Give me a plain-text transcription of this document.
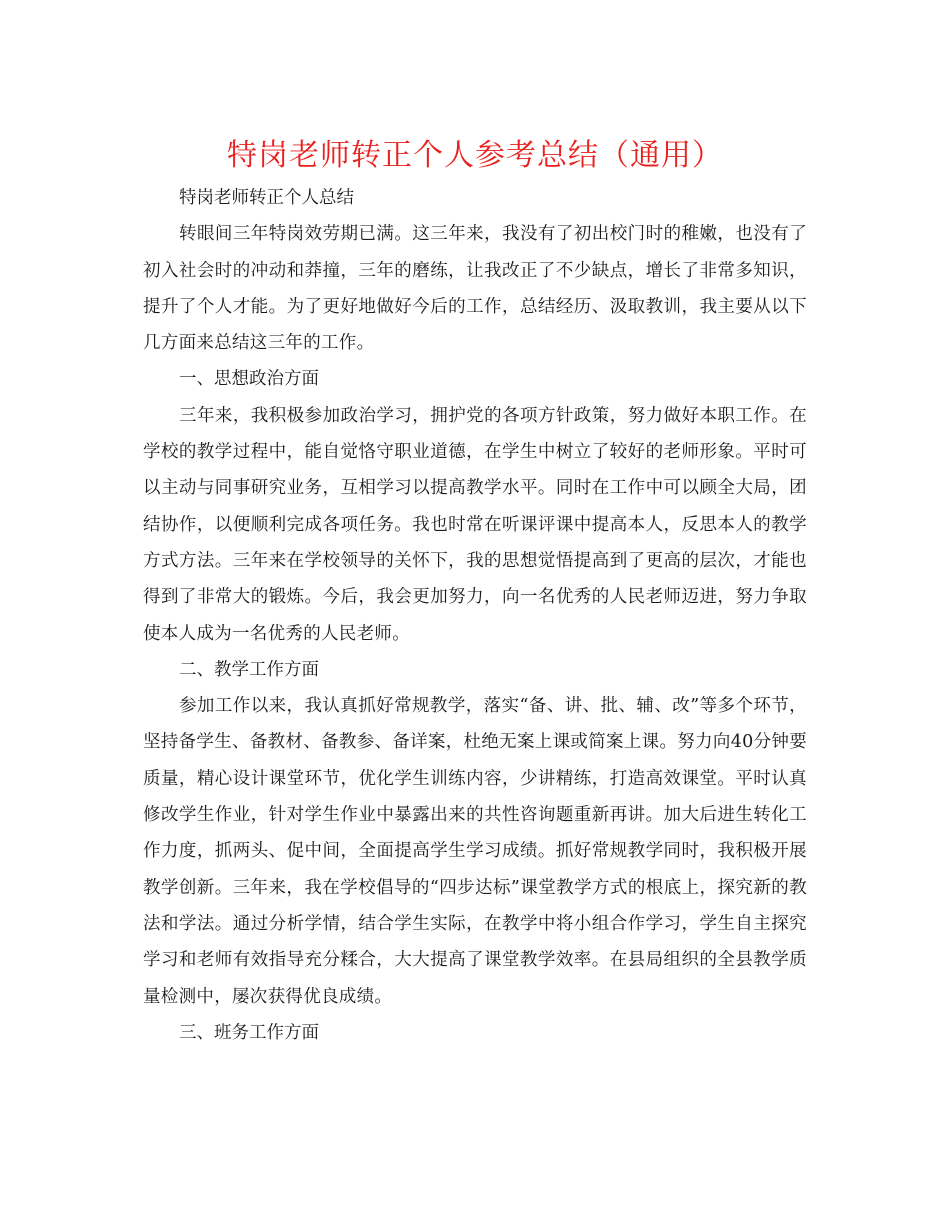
特岗老师转正个人参考总结（通用）

特岗老师转正个人总结

转眼间三年特岗效劳期已满。这三年来，我没有了初出校门时的稚嫩，也没有了初入社会时的冲动和莽撞，三年的磨练，让我改正了不少缺点，增长了非常多知识，提升了个人才能。为了更好地做好今后的工作，总结经历、汲取教训，我主要从以下几方面来总结这三年的工作。

一、思想政治方面

三年来，我积极参加政治学习，拥护党的各项方针政策，努力做好本职工作。在学校的教学过程中，能自觉恪守职业道德，在学生中树立了较好的老师形象。平时可以主动与同事研究业务，互相学习以提高教学水平。同时在工作中可以顾全大局，团结协作，以便顺利完成各项任务。我也时常在听课评课中提高本人，反思本人的教学方式方法。三年来在学校领导的关怀下，我的思想觉悟提高到了更高的层次，才能也得到了非常大的锻炼。今后，我会更加努力，向一名优秀的人民老师迈进，努力争取使本人成为一名优秀的人民老师。

二、教学工作方面

参加工作以来，我认真抓好常规教学，落实“备、讲、批、辅、改”等多个环节，坚持备学生、备教材、备教参、备详案，杜绝无案上课或简案上课。努力向40分钟要质量，精心设计课堂环节，优化学生训练内容，少讲精练，打造高效课堂。平时认真修改学生作业，针对学生作业中暴露出来的共性咨询题重新再讲。加大后进生转化工作力度，抓两头、促中间，全面提高学生学习成绩。抓好常规教学同时，我积极开展教学创新。三年来，我在学校倡导的“四步达标”课堂教学方式的根底上，探究新的教法和学法。通过分析学情，结合学生实际，在教学中将小组合作学习，学生自主探究学习和老师有效指导充分糅合，大大提高了课堂教学效率。在县局组织的全县教学质量检测中，屡次获得优良成绩。

三、班务工作方面
